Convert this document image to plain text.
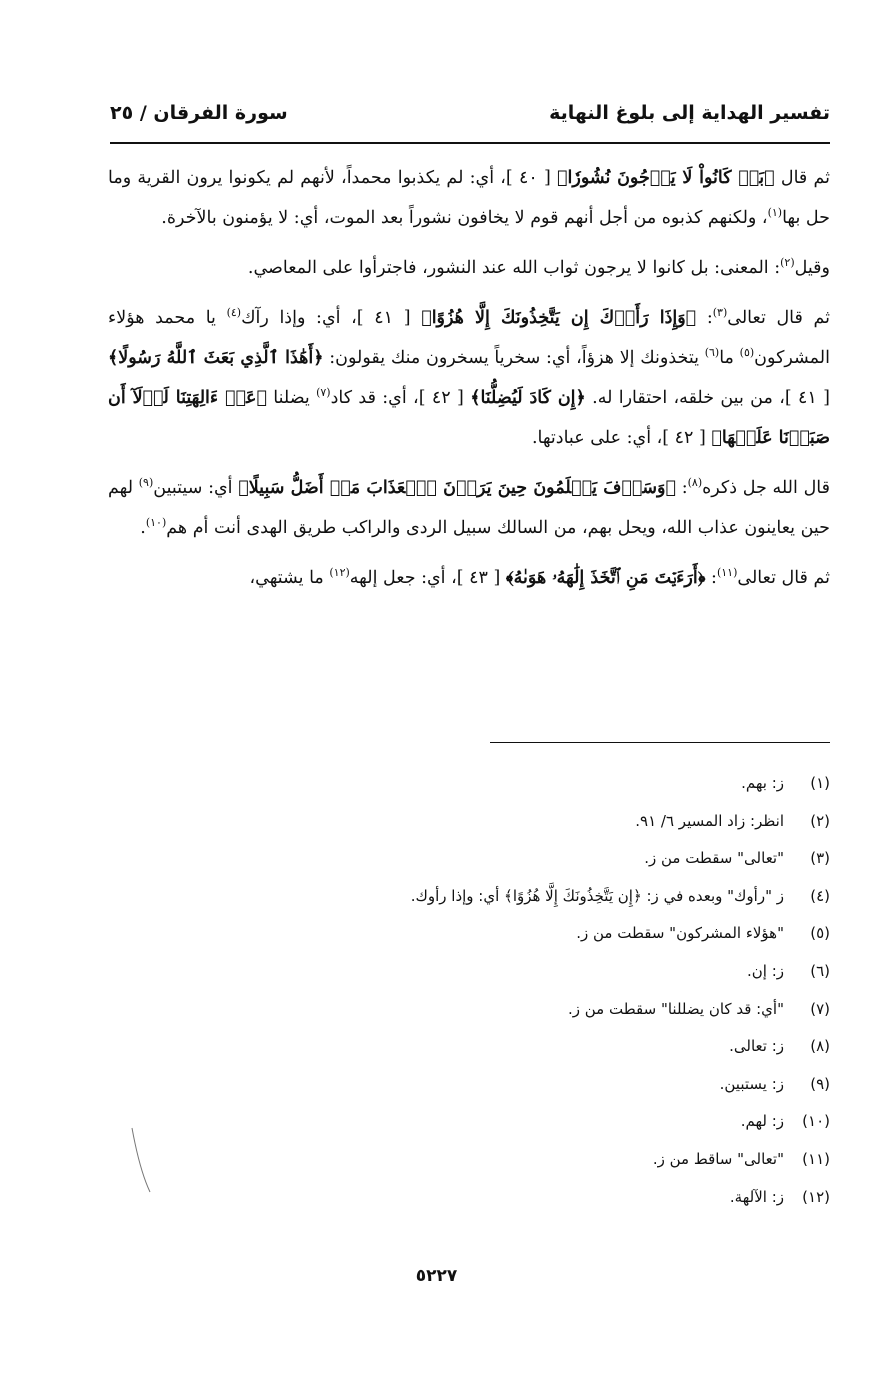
تفسير الهداية إلى بلوغ النهاية
سورة الفرقان / ٢٥

ثم قال ﴿بَلۡ كَانُواْ لَا يَرۡجُونَ نُشُورٗا﴾ [ ٤٠ ]، أي: لم يكذبوا محمداً، لأنهم لم يكونوا يرون القرية وما حل بها$^{(١)}$، ولكنهم كذبوه من أجل أنهم قوم لا يخافون نشوراً بعد الموت، أي: لا يؤمنون بالآخرة.

وقيل$^{(٢)}$: المعنى: بل كانوا لا يرجون ثواب الله عند النشور، فاجترأوا على المعاصي.

ثم قال تعالى$^{(٣)}$: ﴿وَإِذَا رَأَوۡكَ إِن يَتَّخِذُونَكَ إِلَّا هُزُوًا﴾ [ ٤١ ]، أي: وإذا رآك$^{(٤)}$ يا محمد هؤلاء المشركون$^{(٥)}$ ما$^{(٦)}$ يتخذونك إلا هزؤاً، أي: سخرياً يسخرون منك يقولون: ﴿أَهَٰذَا ٱلَّذِي بَعَثَ ٱللَّهُ رَسُولًا﴾ [ ٤١ ]، من بين خلقه، احتقارا له. ﴿إِن كَادَ لَيُضِلُّنَا﴾ [ ٤٢ ]، أي: قد كاد$^{(٧)}$ يضلنا ﴿عَنۡ ءَالِهَتِنَا لَوۡلَآ أَن صَبَرۡنَا عَلَيۡهَا﴾ [ ٤٢ ]، أي: على عبادتها.

قال الله جل ذكره$^{(٨)}$: ﴿وَسَوۡفَ يَعۡلَمُونَ حِينَ يَرَوۡنَ ٱلۡعَذَابَ مَنۡ أَضَلُّ سَبِيلًا﴾ أي: سيتبين$^{(٩)}$ لهم حين يعاينون عذاب الله، ويحل بهم، من السالك سبيل الردى والراكب طريق الهدى أنت أم هم$^{(١٠)}$.

ثم قال تعالى$^{(١١)}$: ﴿أَرَءَيۡتَ مَنِ ٱتَّخَذَ إِلَٰهَهُۥ هَوَىٰهُ﴾ [ ٤٣ ]، أي: جعل إلهه$^{(١٢)}$ ما يشتهي،

(١)ز: بهم.
(٢)انظر: زاد المسير ٦/ ٩١.
(٣)"تعالى" سقطت من ز.
(٤)ز "رأوك" وبعده في ز: ﴿إِن يَتَّخِذُونَكَ إِلَّا هُزُوًا﴾ أي: وإذا رأوك.
(٥)"هؤلاء المشركون" سقطت من ز.
(٦)ز: إن.
(٧)"أي: قد كان يضللنا" سقطت من ز.
(٨)ز: تعالى.
(٩)ز: يستبين.
(١٠)ز: لهم.
(١١)"تعالى" ساقط من ز.
(١٢)ز: الآلهة.
٥٢٢٧
